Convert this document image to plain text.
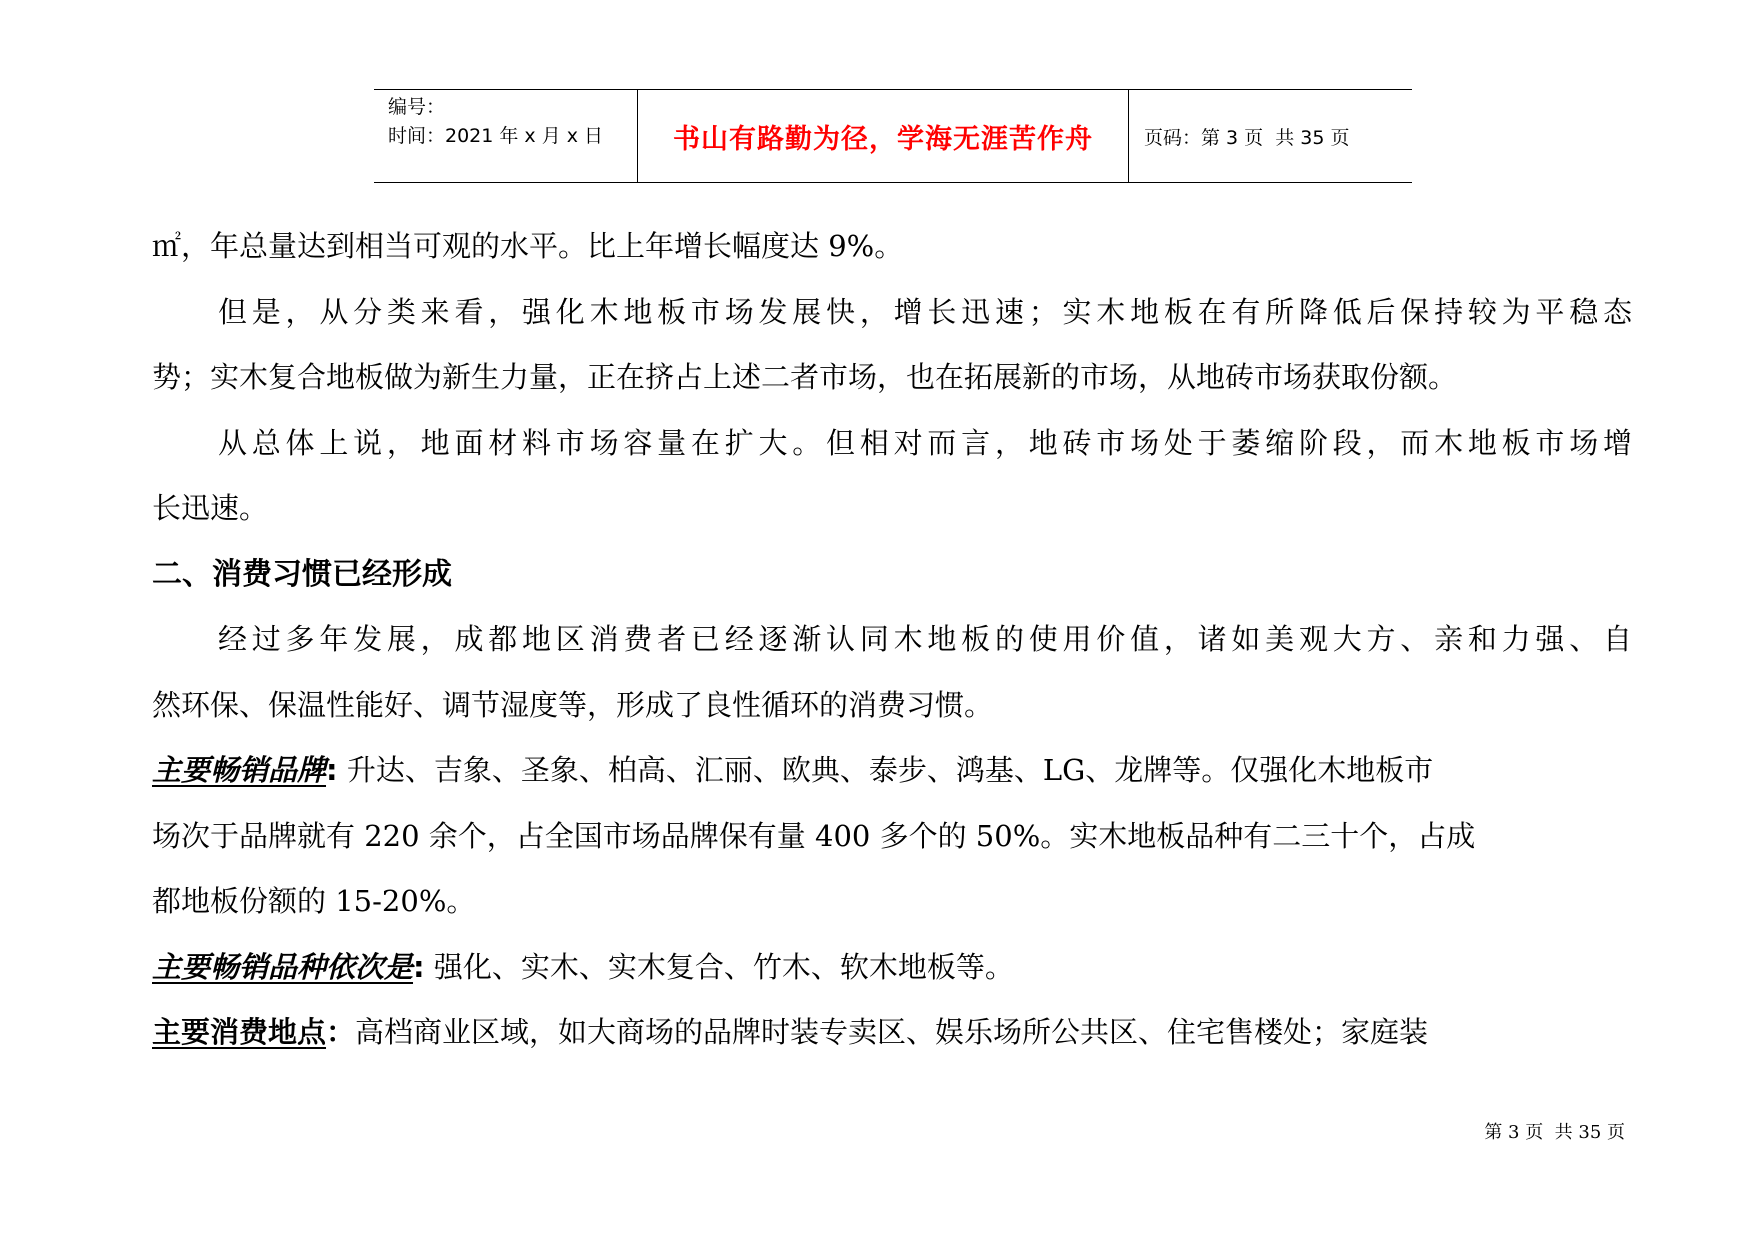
编号：
时间：2021 年 x 月 x 日	书山有路勤为径，学海无涯苦作舟	页码：第 3 页  共 35 页
㎡，年总量达到相当可观的水平。比上年增长幅度达 9%。
但是，从分类来看，强化木地板市场发展快，增长迅速；实木地板在有所降低后保持较为平稳态
势；实木复合地板做为新生力量，正在挤占上述二者市场，也在拓展新的市场，从地砖市场获取份额。
从总体上说，地面材料市场容量在扩大。但相对而言，地砖市场处于萎缩阶段，而木地板市场增
长迅速。
二、消费习惯已经形成
经过多年发展，成都地区消费者已经逐渐认同木地板的使用价值，诸如美观大方、亲和力强、自
然环保、保温性能好、调节湿度等，形成了良性循环的消费习惯。
主要畅销品牌: 升达、吉象、圣象、柏高、汇丽、欧典、泰步、鸿基、LG、龙牌等。仅强化木地板市
场次于品牌就有 220 余个，占全国市场品牌保有量 400 多个的 50%。实木地板品种有二三十个，占成
都地板份额的 15-20%。
主要畅销品种依次是: 强化、实木、实木复合、竹木、软木地板等。
主要消费地点：高档商业区域，如大商场的品牌时装专卖区、娱乐场所公共区、住宅售楼处；家庭装
第 3 页  共 35 页
